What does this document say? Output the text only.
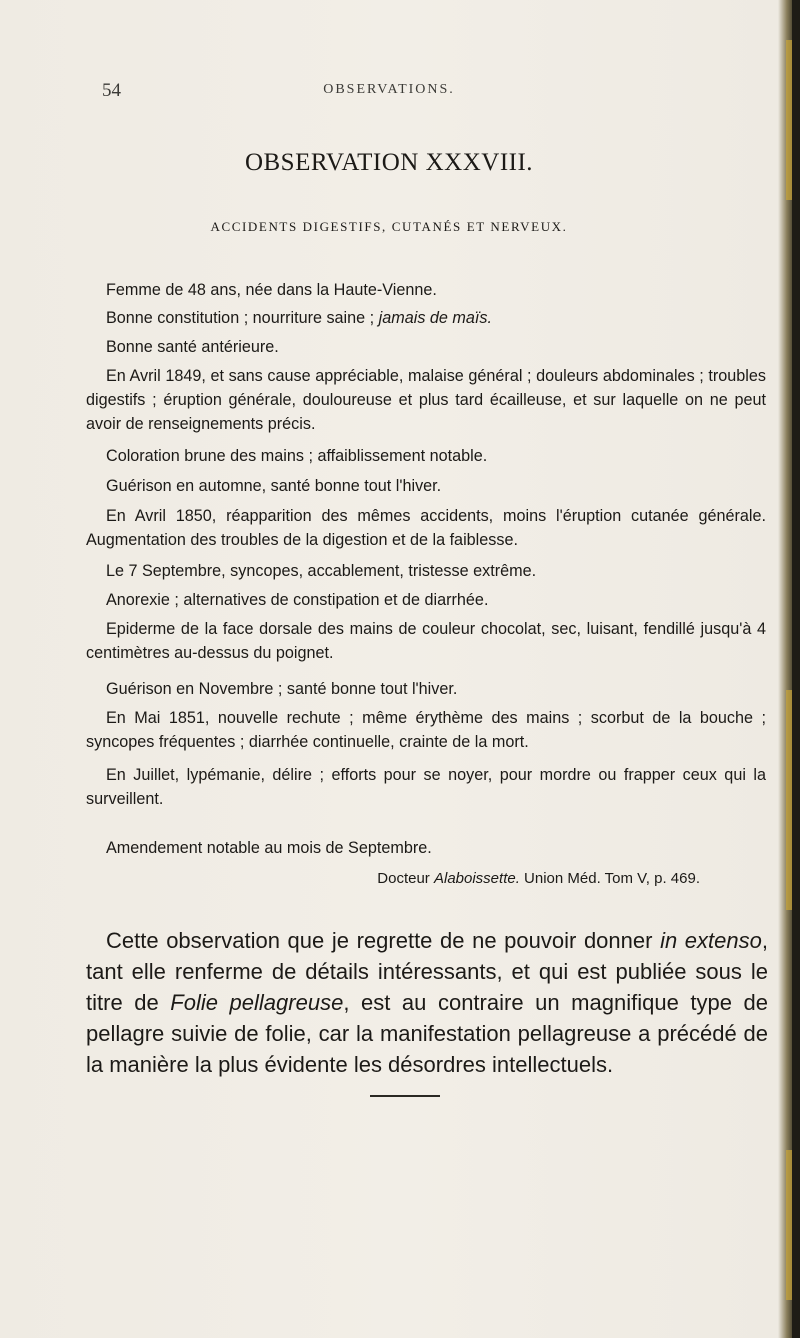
54	OBSERVATIONS.
OBSERVATION XXXVIII.
ACCIDENTS DIGESTIFS, CUTANÉS ET NERVEUX.
Femme de 48 ans, née dans la Haute-Vienne.
Bonne constitution ; nourriture saine ; jamais de maïs.
Bonne santé antérieure.
En Avril 1849, et sans cause appréciable, malaise général ; douleurs abdominales ; troubles digestifs ; éruption générale, douloureuse et plus tard écailleuse, et sur laquelle on ne peut avoir de renseignements précis.
Coloration brune des mains ; affaiblissement notable.
Guérison en automne, santé bonne tout l'hiver.
En Avril 1850, réapparition des mêmes accidents, moins l'éruption cutanée générale. Augmentation des troubles de la digestion et de la faiblesse.
Le 7 Septembre, syncopes, accablement, tristesse extrême.
Anorexie ; alternatives de constipation et de diarrhée.
Epiderme de la face dorsale des mains de couleur chocolat, sec, luisant, fendillé jusqu'à 4 centimètres au-dessus du poignet.
Guérison en Novembre ; santé bonne tout l'hiver.
En Mai 1851, nouvelle rechute ; même érythème des mains ; scorbut de la bouche ; syncopes fréquentes ; diarrhée continuelle, crainte de la mort.
En Juillet, lypémanie, délire ; efforts pour se noyer, pour mordre ou frapper ceux qui la surveillent.
Amendement notable au mois de Septembre.
Docteur Alaboissette. Union Méd. Tom V, p. 469.
Cette observation que je regrette de ne pouvoir donner in extenso, tant elle renferme de détails intéressants, et qui est publiée sous le titre de Folie pellagreuse, est au contraire un magnifique type de pellagre suivie de folie, car la manifestation pellagreuse a précédé de la manière la plus évidente les désordres intellectuels.
